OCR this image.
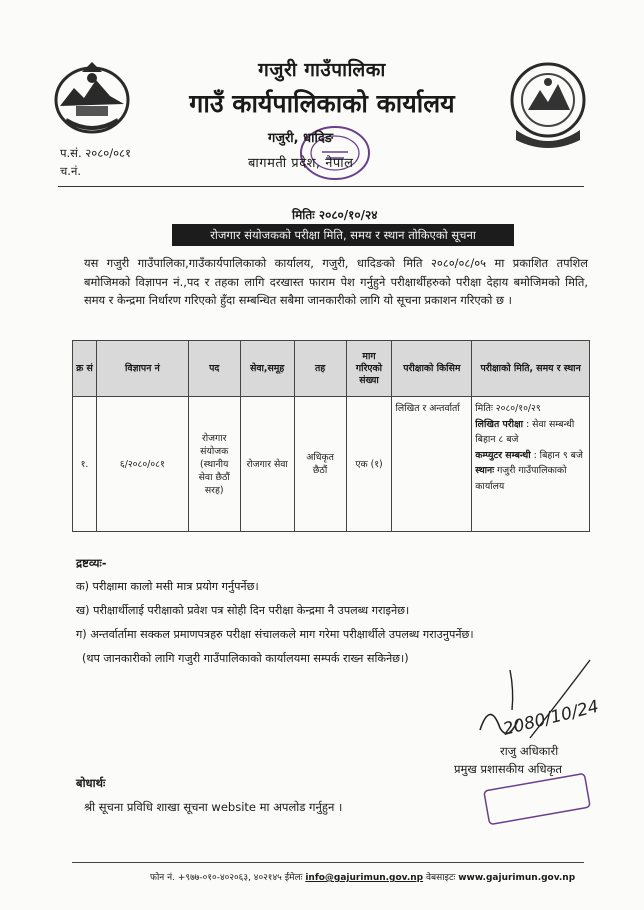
गजुरी गाउँपालिका
गाउँ कार्यपालिकाको कार्यालय
गजुरी, धादिङ
बागमती प्रदेश, नेपाल
प.सं. २०८०/०८१
च.नं.
मितिः २०८०/१०/२४
रोजगार संयोजकको परीक्षा मिति, समय र स्थान तोकिएको सूचना
यस गजुरी गाउँपालिका,गाउँकार्यपालिकाको कार्यालय, गजुरी, धादिङको मिति २०८०/०८/०५ मा प्रकाशित तपशिल बमोजिमको विज्ञापन नं.,पद र तहका लागि दरखास्त फाराम पेश गर्नुहुने परीक्षार्थीहरुको परीक्षा देहाय बमोजिमको मिति, समय र केन्द्रमा निर्धारण गरिएको हुँदा सम्बन्धित सबैमा जानकारीको लागि यो सूचना प्रकाशन गरिएको छ ।
क्र सं	विज्ञापन नं	पद	सेवा,समूह	तह	माग गरिएको संख्या	परीक्षाको किसिम	परीक्षाको मिति, समय र स्थान
१.	६/२०८०/०८१	रोजगार संयोजक (स्थानीय सेवा छैठौं सरह)	रोजगार सेवा	अधिकृत छैठौं	एक (१)	लिखित र अन्तर्वार्ता	मितिः २०८०/१०/२९
लिखित परीक्षा : सेवा सम्बन्धी
बिहान ८ बजे
कम्प्युटर सम्बन्धी : बिहान ९ बजे
स्थानः गजुरी गाउँपालिकाको कार्यालय
द्रष्टव्यः-
क) परीक्षामा कालो मसी मात्र प्रयोग गर्नुपर्नेछ।
ख) परीक्षार्थीलाई परीक्षाको प्रवेश पत्र सोही दिन परीक्षा केन्द्रमा नै उपलब्ध गराइनेछ।
ग) अन्तर्वार्तामा सक्कल प्रमाणपत्रहरु परीक्षा संचालकले माग गरेमा परीक्षार्थीले उपलब्ध गराउनुपर्नेछ।
(थप जानकारीको लागि गजुरी गाउँपालिकाको कार्यालयमा सम्पर्क राख्न सकिनेछ।)
2080/10/24
राजु अधिकारी
प्रमुख प्रशासकीय अधिकृत
बोधार्थः
श्री सूचना प्रविधि शाखा सूचना website मा अपलोड गर्नुहुन ।
फोन नं. +९७७-०१०-४०२०६३, ४०२१४५ ईमेलः info@gajurimun.gov.np वेबसाइटः www.gajurimun.gov.np
